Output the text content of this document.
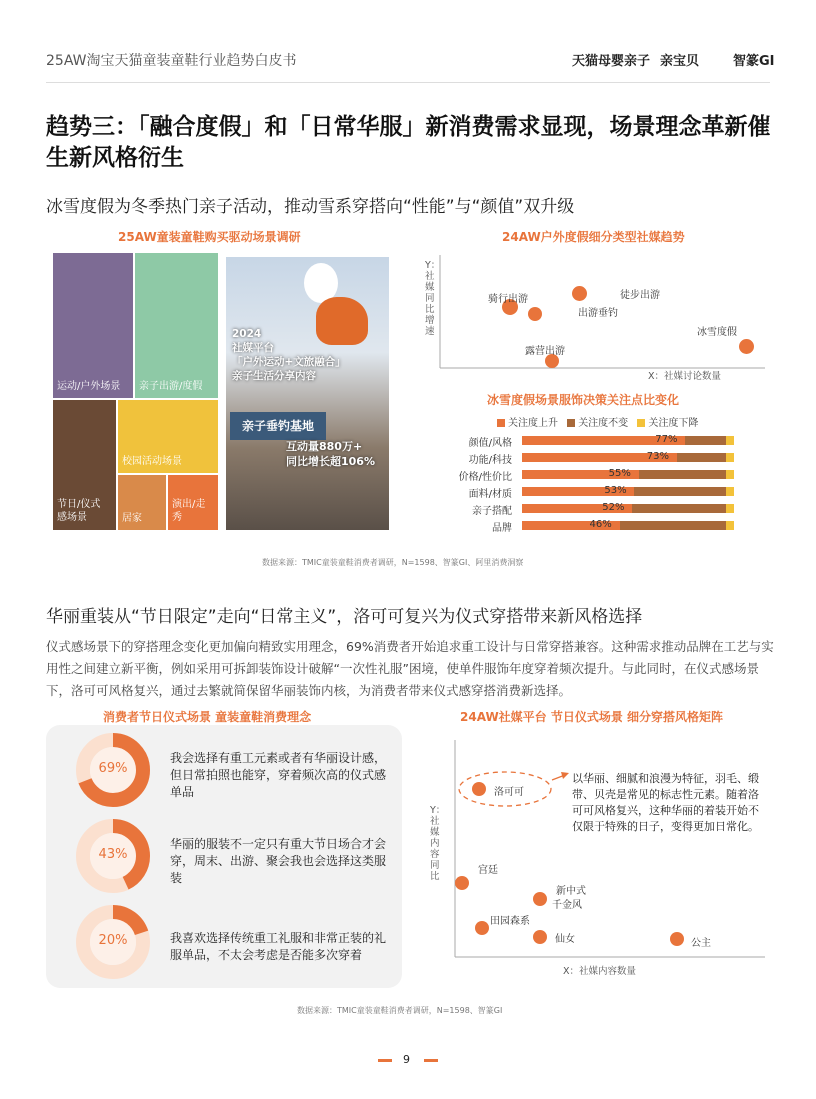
25AW淘宝天猫童装童鞋行业趋势白皮书	天猫母婴亲子 亲宝贝	智篆GI
趋势三：「融合度假」和「日常华服」新消费需求显现，场景理念革新催生新风格衍生
冰雪度假为冬季热门亲子活动，推动雪系穿搭向“性能”与“颜值”双升级
25AW童装童鞋购买驱动场景调研
运动/户外场景 亲子出游/度假
校园活动场景
节日/仪式感场景	居家
演出/走秀
2024
社媒平台
「户外运动+文旅融合」
亲子生活分享内容
亲子垂钓基地
互动量880万+
同比增长超106%
24AW户外度假细分类型社媒趋势
Y：社媒同比增速
X：社媒讨论数量
骑行出游	徒步出游
出游垂钓
冰雪度假
露营出游
冰雪度假场景服饰决策关注点比变化
关注度上升 关注度不变 关注度下降
颜值/风格	77%
功能/科技	73%
价格/性价比	55%
面料/材质	53%
亲子搭配	52%
品牌	46%
数据来源：TMIC童装童鞋消费者调研，N=1598、智篆GI、阿里消费洞察
华丽重装从“节日限定”走向“日常主义”，洛可可复兴为仪式穿搭带来新风格选择
仪式感场景下的穿搭理念变化更加偏向精致实用理念，69%消费者开始追求重工设计与日常穿搭兼容。这种需求推动品牌在工艺与实用性之间建立新平衡，例如采用可拆卸装饰设计破解“一次性礼服”困境，使单件服饰年度穿着频次提升。与此同时，在仪式感场景下，洛可可风格复兴，通过去繁就简保留华丽装饰内核，为消费者带来仪式感穿搭消费新选择。
消费者节日仪式场景 童装童鞋消费理念
69%
43%
20%
我会选择有重工元素或者有华丽设计感，但日常拍照也能穿，穿着频次高的仪式感单品
华丽的服装不一定只有重大节日场合才会穿，周末、出游、聚会我也会选择这类服装
我喜欢选择传统重工礼服和非常正装的礼服单品，不太会考虑是否能多次穿着
24AW社媒平台 节日仪式场景 细分穿搭风格矩阵
Y：社媒内容同比
X：社媒内容数量
以华丽、细腻和浪漫为特征，羽毛、缎带、贝壳是常见的标志性元素。随着洛可可风格复兴，这种华丽的着装开始不仅限于特殊的日子，变得更加日常化。
洛可可
宫廷
新中式
千金风
田园森系
仙女	公主
数据来源：TMIC童装童鞋消费者调研，N=1598、智篆GI
9
